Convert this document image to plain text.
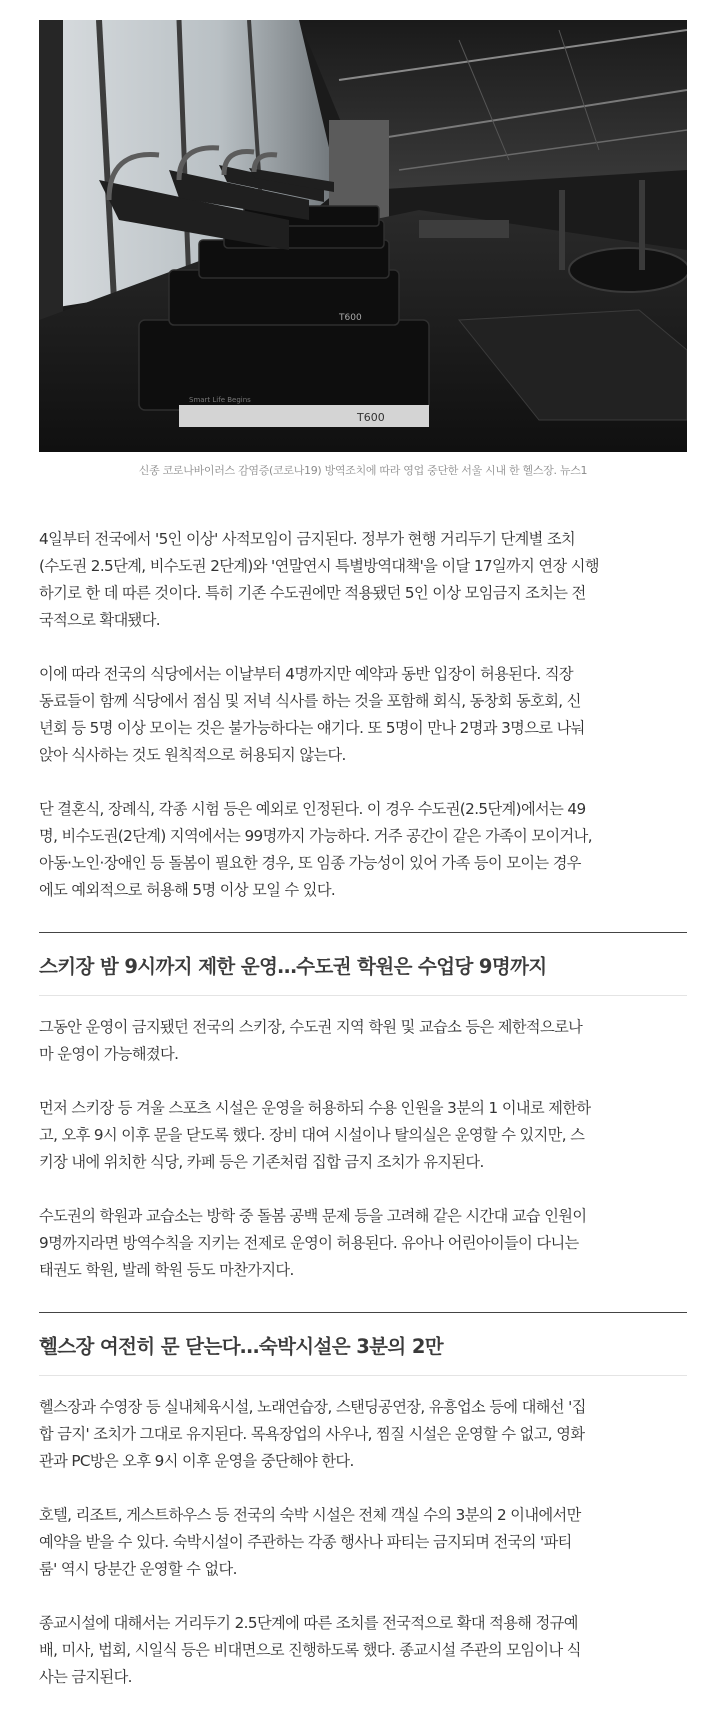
T600
Smart Life Begins
T600

신종 코로나바이러스 감염증(코로나19) 방역조치에 따라 영업 중단한 서울 시내 한 헬스장. 뉴스1

4일부터 전국에서 '5인 이상' 사적모임이 금지된다. 정부가 현행 거리두기 단계별 조치
(수도권 2.5단계, 비수도권 2단계)와 '연말연시 특별방역대책'을 이달 17일까지 연장 시행
하기로 한 데 따른 것이다. 특히 기존 수도권에만 적용됐던 5인 이상 모임금지 조치는 전
국적으로 확대됐다.

이에 따라 전국의 식당에서는 이날부터 4명까지만 예약과 동반 입장이 허용된다. 직장
동료들이 함께 식당에서 점심 및 저녁 식사를 하는 것을 포함해 회식, 동창회 동호회, 신
년회 등 5명 이상 모이는 것은 불가능하다는 얘기다. 또 5명이 만나 2명과 3명으로 나눠
앉아 식사하는 것도 원칙적으로 허용되지 않는다.

단 결혼식, 장례식, 각종 시험 등은 예외로 인정된다. 이 경우 수도권(2.5단계)에서는 49
명, 비수도권(2단계) 지역에서는 99명까지 가능하다. 거주 공간이 같은 가족이 모이거나,
아동·노인·장애인 등 돌봄이 필요한 경우, 또 임종 가능성이 있어 가족 등이 모이는 경우
에도 예외적으로 허용해 5명 이상 모일 수 있다.

스키장 밤 9시까지 제한 운영…수도권 학원은 수업당 9명까지

그동안 운영이 금지됐던 전국의 스키장, 수도권 지역 학원 및 교습소 등은 제한적으로나
마 운영이 가능해졌다.

먼저 스키장 등 겨울 스포츠 시설은 운영을 허용하되 수용 인원을 3분의 1 이내로 제한하
고, 오후 9시 이후 문을 닫도록 했다. 장비 대여 시설이나 탈의실은 운영할 수 있지만, 스
키장 내에 위치한 식당, 카페 등은 기존처럼 집합 금지 조치가 유지된다.

수도권의 학원과 교습소는 방학 중 돌봄 공백 문제 등을 고려해 같은 시간대 교습 인원이
9명까지라면 방역수칙을 지키는 전제로 운영이 허용된다. 유아나 어린아이들이 다니는
태권도 학원, 발레 학원 등도 마찬가지다.

헬스장 여전히 문 닫는다…숙박시설은 3분의 2만

헬스장과 수영장 등 실내체육시설, 노래연습장, 스탠딩공연장, 유흥업소 등에 대해선 '집
합 금지' 조치가 그대로 유지된다. 목욕장업의 사우나, 찜질 시설은 운영할 수 없고, 영화
관과 PC방은 오후 9시 이후 운영을 중단해야 한다.

호텔, 리조트, 게스트하우스 등 전국의 숙박 시설은 전체 객실 수의 3분의 2 이내에서만
예약을 받을 수 있다. 숙박시설이 주관하는 각종 행사나 파티는 금지되며 전국의 '파티
룸' 역시 당분간 운영할 수 없다.

종교시설에 대해서는 거리두기 2.5단계에 따른 조치를 전국적으로 확대 적용해 정규예
배, 미사, 법회, 시일식 등은 비대면으로 진행하도록 했다. 종교시설 주관의 모임이나 식
사는 금지된다.
